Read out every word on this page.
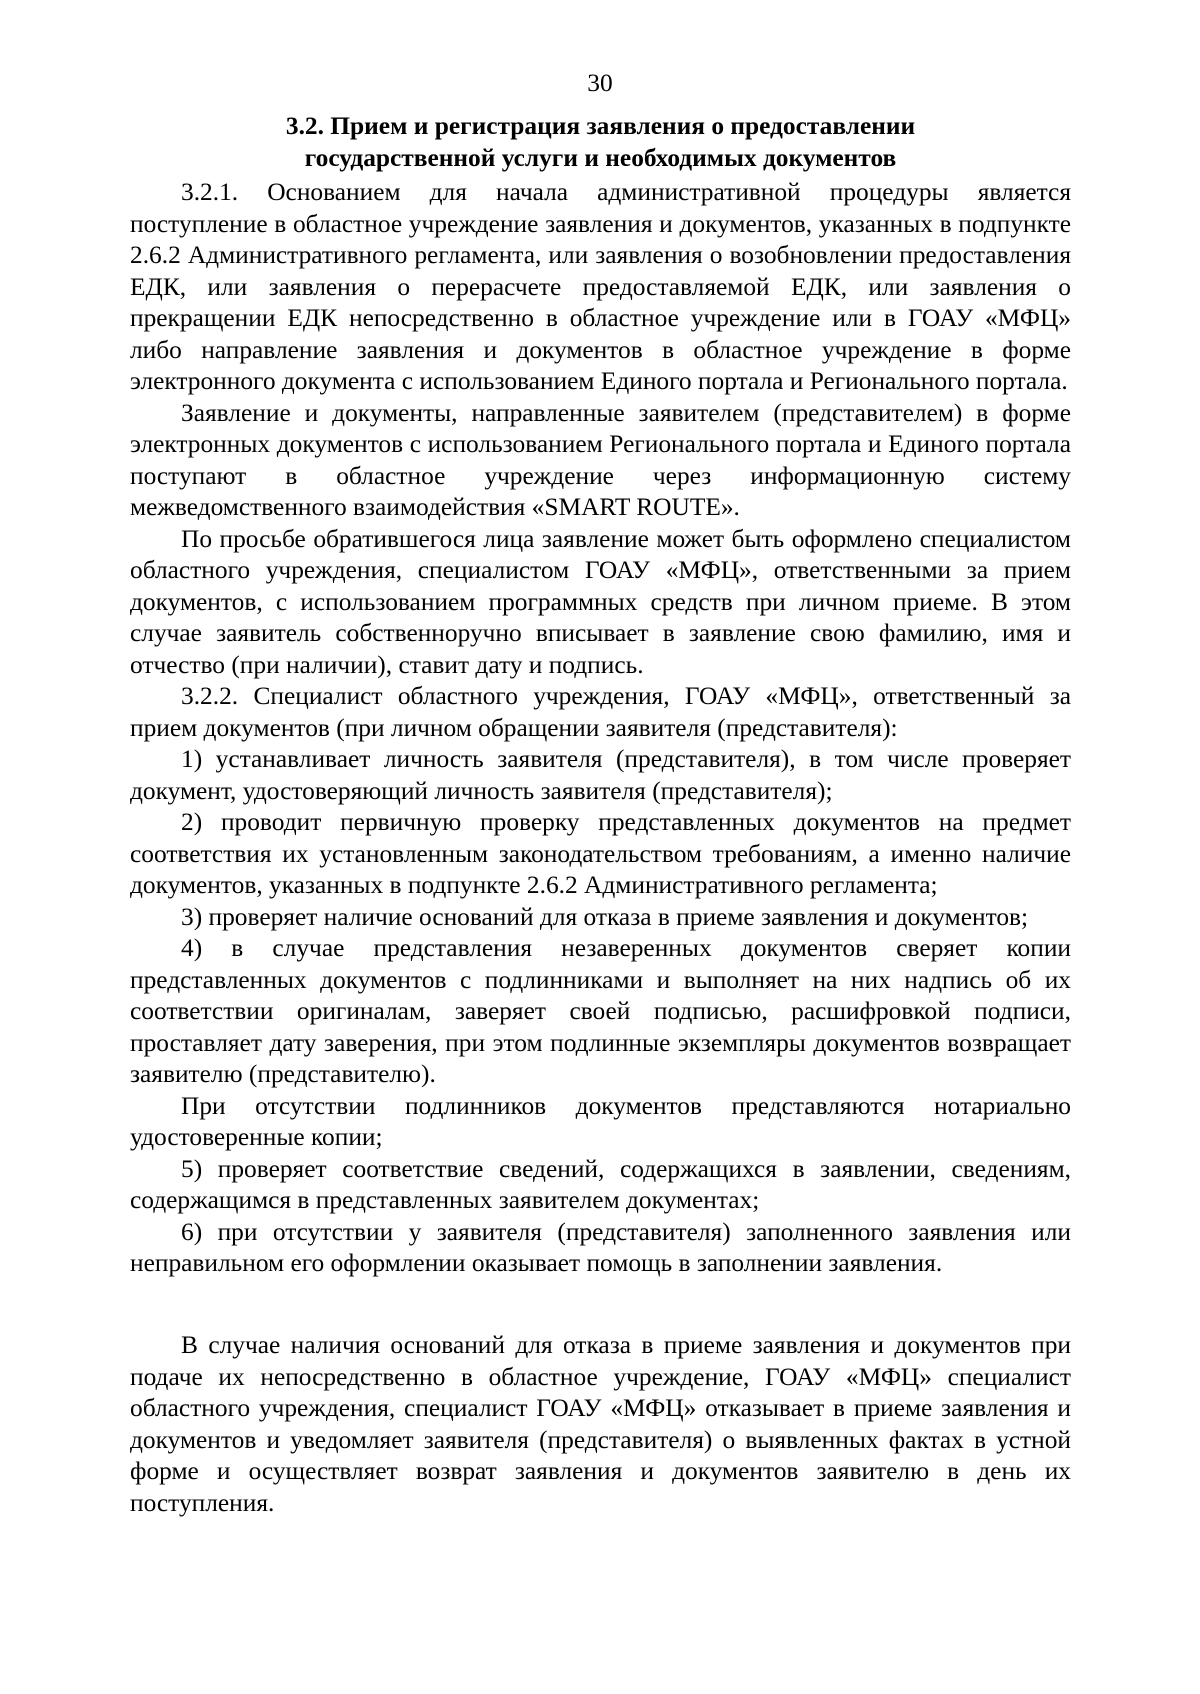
30
3.2. Прием и регистрация заявления о предоставлении
государственной услуги и необходимых документов

3.2.1. Основанием для начала административной процедуры является поступление в областное учреждение заявления и документов, указанных в подпункте 2.6.2 Административного регламента, или заявления о возобновлении предоставления ЕДК, или заявления о перерасчете предоставляемой ЕДК, или заявления о прекращении ЕДК непосредственно в областное учреждение или в ГОАУ «МФЦ» либо направление заявления и документов в областное учреждение в форме электронного документа с использованием Единого портала и Регионального портала.

Заявление и документы, направленные заявителем (представителем) в форме электронных документов с использованием Регионального портала и Единого портала поступают в областное учреждение через информационную систему межведомственного взаимодействия «SMART ROUTE».

По просьбе обратившегося лица заявление может быть оформлено специалистом областного учреждения, специалистом ГОАУ «МФЦ», ответственными за прием документов, с использованием программных средств при личном приеме. В этом случае заявитель собственноручно вписывает в заявление свою фамилию, имя и отчество (при наличии), ставит дату и подпись.

3.2.2. Специалист областного учреждения, ГОАУ «МФЦ», ответственный за прием документов (при личном обращении заявителя (представителя):

1) устанавливает личность заявителя (представителя), в том числе проверяет документ, удостоверяющий личность заявителя (представителя);

2) проводит первичную проверку представленных документов на предмет соответствия их установленным законодательством требованиям, а именно наличие документов, указанных в подпункте 2.6.2 Административного регламента;

3) проверяет наличие оснований для отказа в приеме заявления и документов;

4) в случае представления незаверенных документов сверяет копии представленных документов с подлинниками и выполняет на них надпись об их соответствии оригиналам, заверяет своей подписью, расшифровкой подписи, проставляет дату заверения, при этом подлинные экземпляры документов возвращает заявителю (представителю).

При отсутствии подлинников документов представляются нотариально удостоверенные копии;

5) проверяет соответствие сведений, содержащихся в заявлении, сведениям, содержащимся в представленных заявителем документах;

6) при отсутствии у заявителя (представителя) заполненного заявления или неправильном его оформлении оказывает помощь в заполнении заявления.

В случае наличия оснований для отказа в приеме заявления и документов при подаче их непосредственно в областное учреждение, ГОАУ «МФЦ» специалист областного учреждения, специалист ГОАУ «МФЦ» отказывает в приеме заявления и документов и уведомляет заявителя (представителя) о выявленных фактах в устной форме и осуществляет возврат заявления и документов заявителю в день их поступления.
